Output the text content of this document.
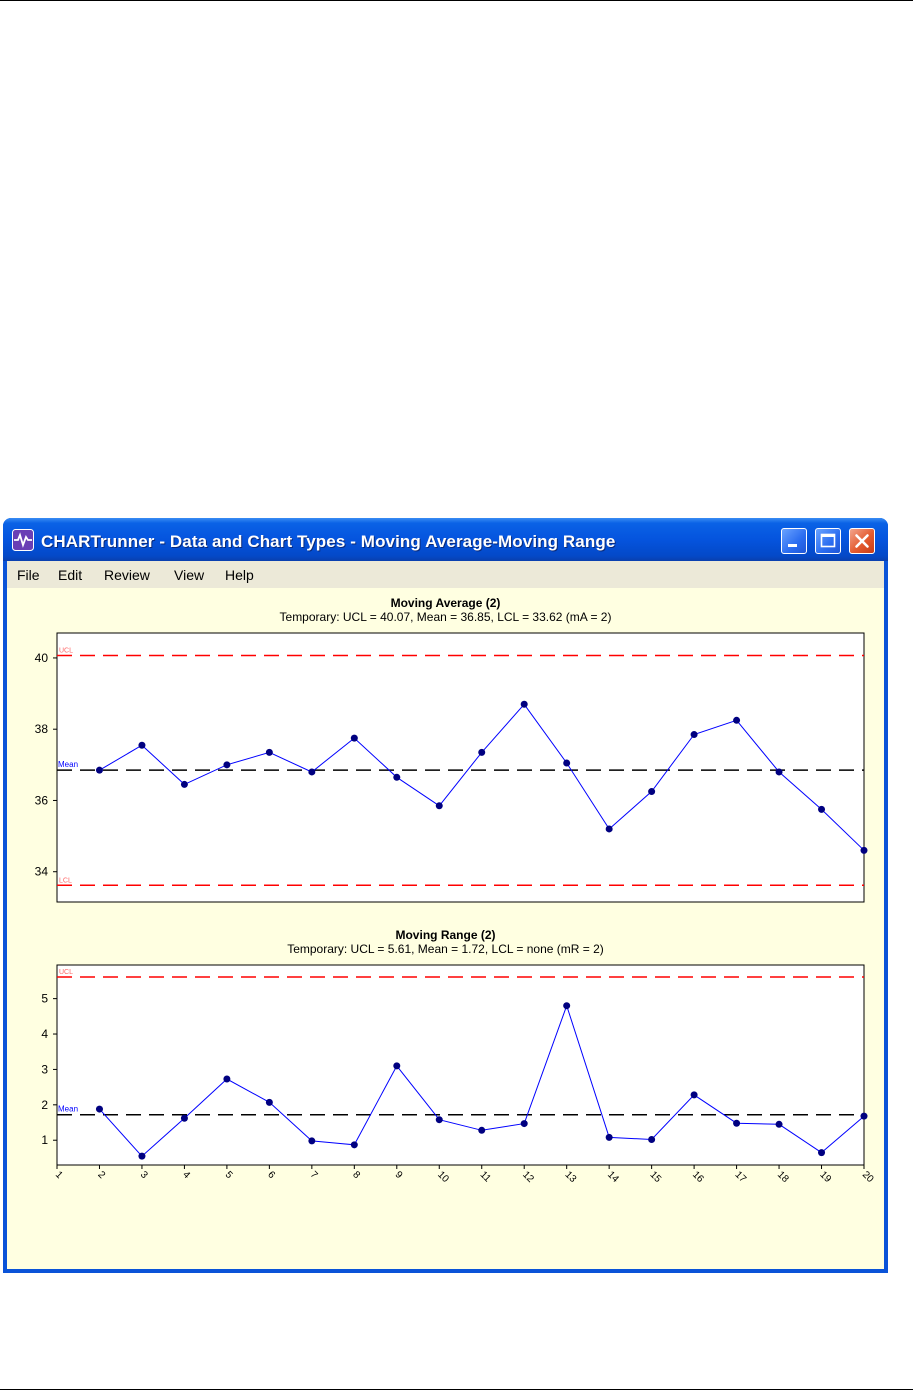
CHARTrunner - Data and Chart Types - Moving Average-Moving Range
File Edit Review View Help
Moving Average (2)
Temporary: UCL = 40.07, Mean = 36.85, LCL = 33.62 (mA = 2)
Moving Range (2)
Temporary: UCL = 5.61, Mean = 1.72, LCL = none (mR = 2)
34
36
38
40 UCL
Mean
LCL
1
2
3
4
5
UCL
Mean
1	2	3	4	5	6	7	8	9	10	11	12	13	14	15	16	17	18	19	20
